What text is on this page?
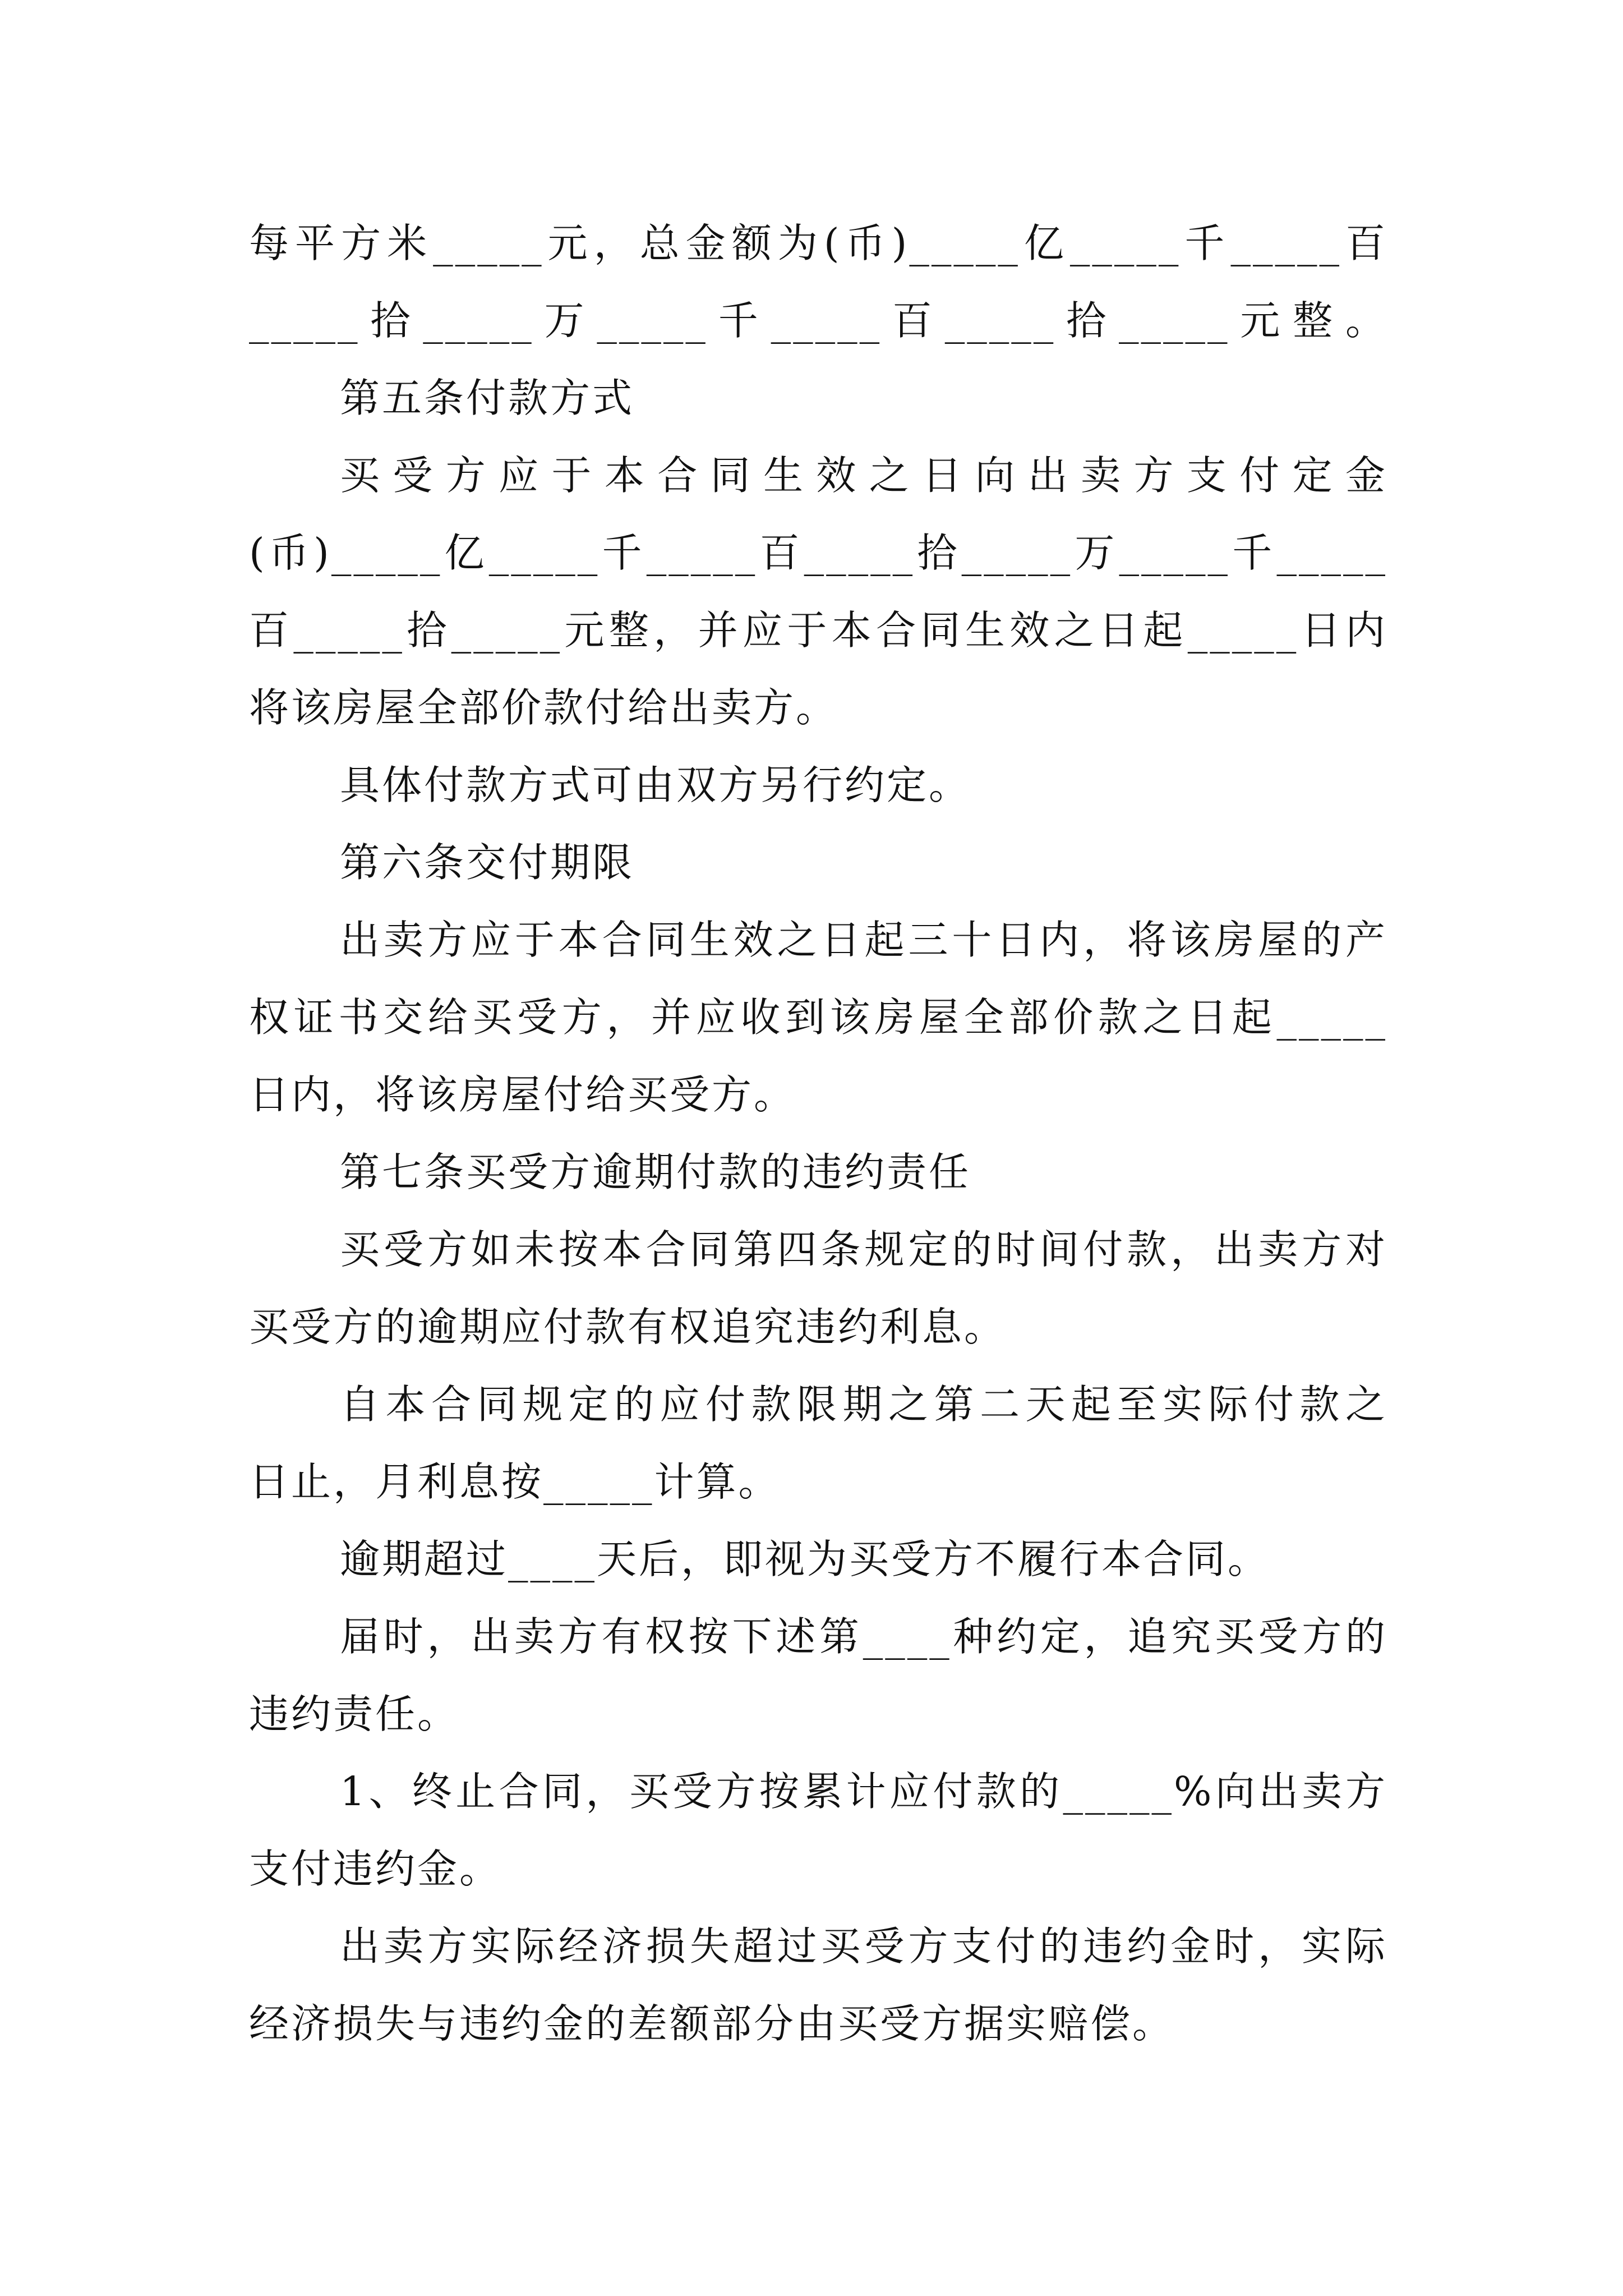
每平方米_____元，总金额为(币)_____亿_____千_____百

_____拾_____万_____千_____百_____拾_____元整。

第五条付款方式

买受方应于本合同生效之日向出卖方支付定金

(币)_____亿_____千_____百_____拾_____万_____千_____

百_____拾_____元整，并应于本合同生效之日起_____日内

将该房屋全部价款付给出卖方。

具体付款方式可由双方另行约定。

第六条交付期限

出卖方应于本合同生效之日起三十日内，将该房屋的产

权证书交给买受方，并应收到该房屋全部价款之日起_____

日内，将该房屋付给买受方。

第七条买受方逾期付款的违约责任

买受方如未按本合同第四条规定的时间付款，出卖方对

买受方的逾期应付款有权追究违约利息。

自本合同规定的应付款限期之第二天起至实际付款之

日止，月利息按_____计算。

逾期超过____天后，即视为买受方不履行本合同。

届时，出卖方有权按下述第____种约定，追究买受方的

违约责任。

1、终止合同，买受方按累计应付款的_____%向出卖方

支付违约金。

出卖方实际经济损失超过买受方支付的违约金时，实际

经济损失与违约金的差额部分由买受方据实赔偿。
